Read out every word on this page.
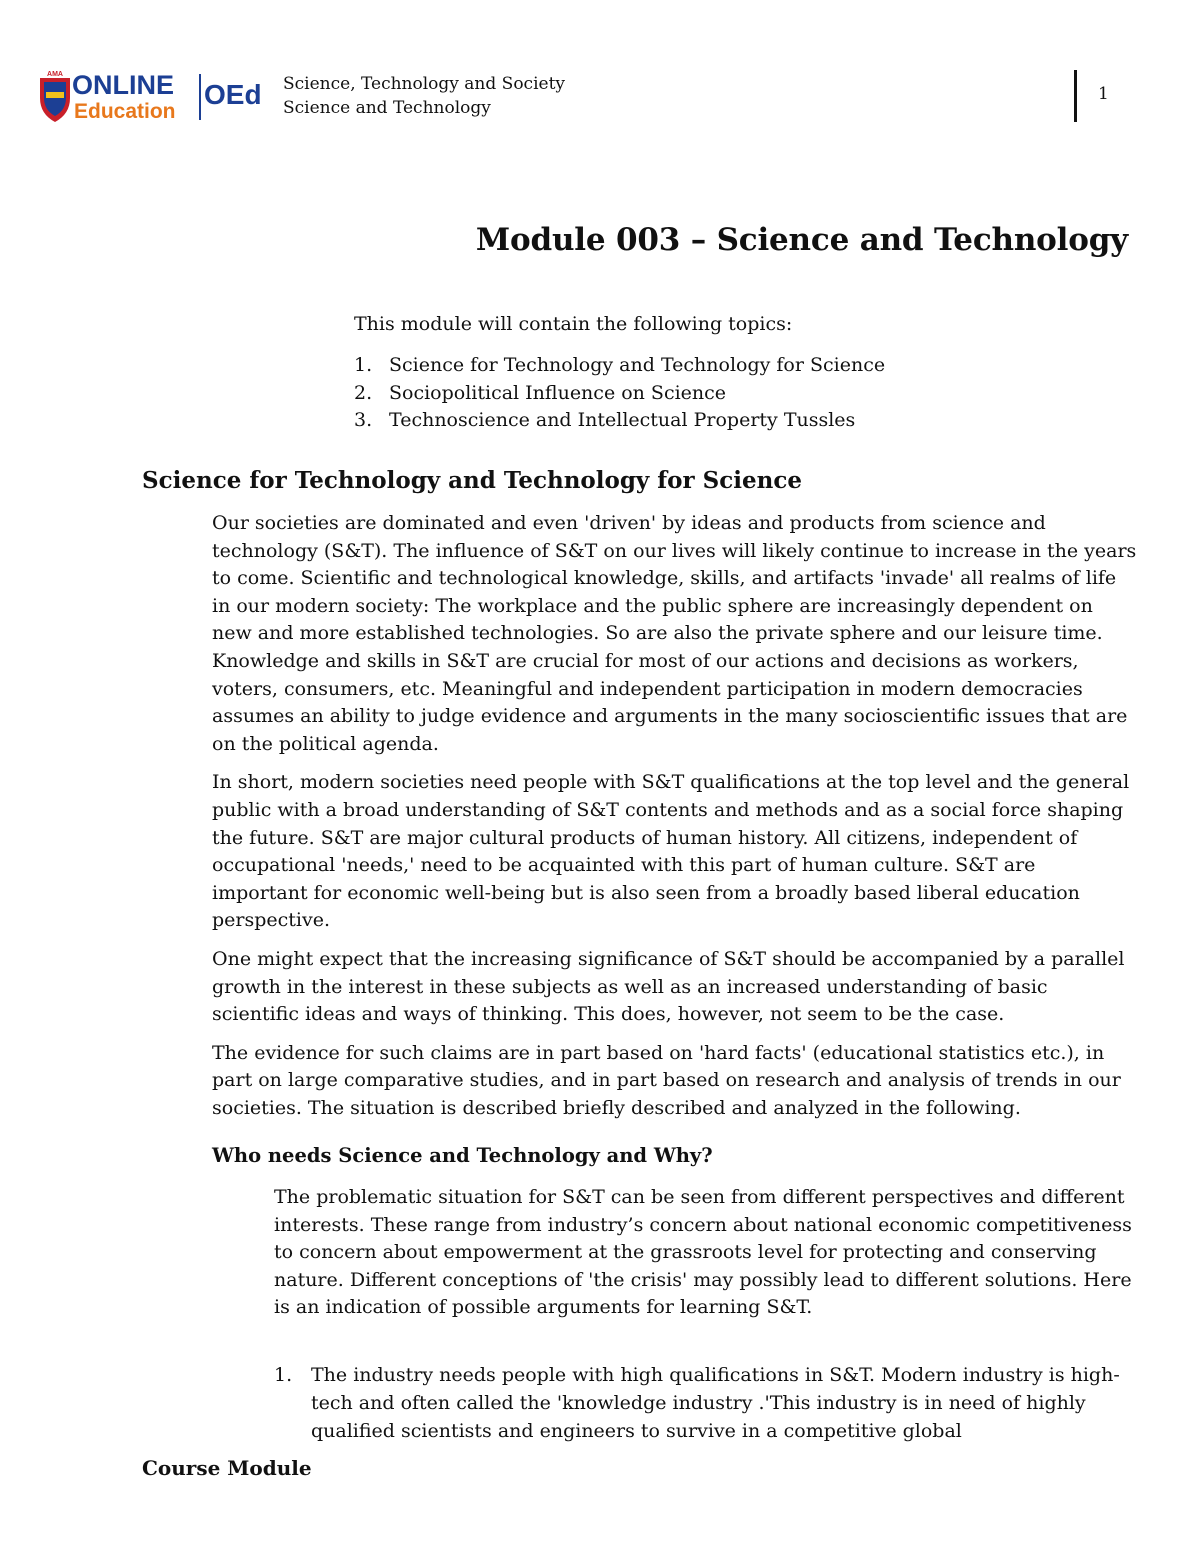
AMA ONLINE
Education
OEd Science, Technology and Society
Science and Technology
1
Module 003 – Science and Technology
This module will contain the following topics:
1. Science for Technology and Technology for Science
2. Sociopolitical Influence on Science
3. Technoscience and Intellectual Property Tussles
Science for Technology and Technology for Science

Our societies are dominated and even 'driven' by ideas and products from science and technology (S&T). The influence of S&T on our lives will likely continue to increase in the years to come. Scientific and technological knowledge, skills, and artifacts 'invade' all realms of life in our modern society: The workplace and the public sphere are increasingly dependent on new and more established technologies. So are also the private sphere and our leisure time. Knowledge and skills in S&T are crucial for most of our actions and decisions as workers, voters, consumers, etc. Meaningful and independent participation in modern democracies assumes an ability to judge evidence and arguments in the many socioscientific issues that are on the political agenda.

In short, modern societies need people with S&T qualifications at the top level and the general public with a broad understanding of S&T contents and methods and as a social force shaping the future. S&T are major cultural products of human history. All citizens, independent of occupational 'needs,' need to be acquainted with this part of human culture. S&T are important for economic well-being but is also seen from a broadly based liberal education perspective.

One might expect that the increasing significance of S&T should be accompanied by a parallel growth in the interest in these subjects as well as an increased understanding of basic scientific ideas and ways of thinking. This does, however, not seem to be the case.

The evidence for such claims are in part based on 'hard facts' (educational statistics etc.), in part on large comparative studies, and in part based on research and analysis of trends in our societies. The situation is described briefly described and analyzed in the following.

Who needs Science and Technology and Why?

The problematic situation for S&T can be seen from different perspectives and different interests. These range from industry’s concern about national economic competitiveness to concern about empowerment at the grassroots level for protecting and conserving nature. Different conceptions of 'the crisis' may possibly lead to different solutions. Here is an indication of possible arguments for learning S&T.

1. The industry needs people with high qualifications in S&T. Modern industry is high-tech and often called the 'knowledge industry .'This industry is in need of highly qualified scientists and engineers to survive in a competitive global
Course Module
